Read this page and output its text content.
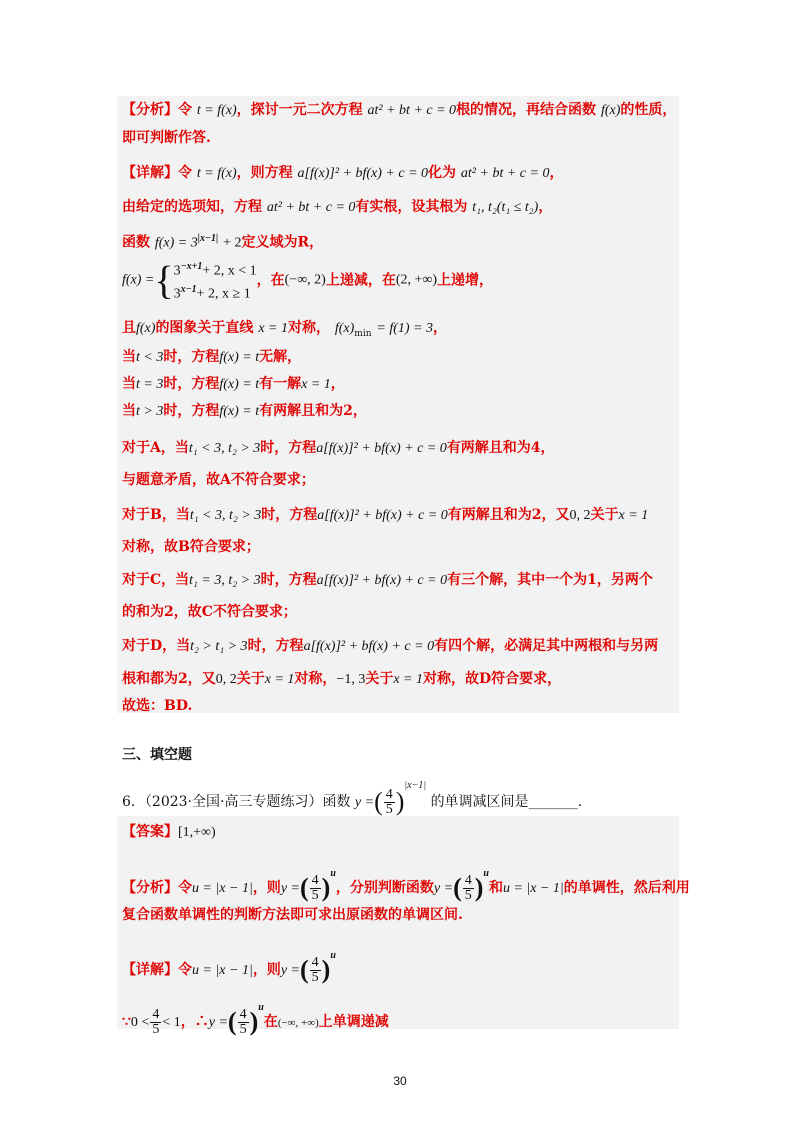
【分析】令 t = f(x)，探讨一元二次方程 at² + bt + c = 0根的情况，再结合函数 f(x)的性质，
即可判断作答.
【详解】令 t = f(x)，则方程 a[f(x)]² + bf(x) + c = 0化为 at² + bt + c = 0，
由给定的选项知，方程 at² + bt + c = 0有实根，设其根为 t₁, t₂(t₁ ≤ t₂)，
函数 $f(x) = 3^{|x-1|} + 2$定义域为R，
f(x) ={ $3^{-x+1}+ 2$, x < 1
$3^{x-1}+ 2$, x ≥ 1
，在(−∞, 2)上递减，在(2, +∞)上递增，
且f(x)的图象关于直线 x = 1对称， $f(x)_{min} = f(1) = 3$，
当t < 3时，方程f(x) = t无解，
当t = 3时，方程f(x) = t有一解x = 1，
当t > 3时，方程f(x) = t有两解且和为2，
对于A，当t₁ < 3, t₂ > 3时，方程a[f(x)]² + bf(x) + c = 0有两解且和为4，
与题意矛盾，故A不符合要求；
对于B，当t₁ < 3, t₂ > 3时，方程a[f(x)]² + bf(x) + c = 0有两解且和为2，又0, 2关于x = 1
对称，故B符合要求；
对于C，当t₁ = 3, t₂ > 3时，方程a[f(x)]² + bf(x) + c = 0有三个解，其中一个为1，另两个
的和为2，故C不符合要求；
对于D，当t₂ > t₁ > 3时，方程a[f(x)]² + bf(x) + c = 0有四个解，必满足其中两根和与另两
根和都为2，又0, 2关于x = 1对称，−1, 3关于x = 1对称，故D符合要求，
故选：BD.
三、填空题
6．（2023·全国·高三专题练习）函数 y =( $\frac{4}{5} )^{|x-1|}$ 的单调减区间是_______.
【答案】[1,+∞)
【分析】令u = |x − 1|，则y =( $\frac{4}{5} )^u$，分别判断函数y =( $\frac{4}{5} )^u$和u = |x − 1|的单调性，然后利用
复合函数单调性的判断方法即可求出原函数的单调区间.
【详解】令u = |x − 1|，则y =( $\frac{4}{5} )^u$
∵0 < $\frac{4}{5} < 1$，∴y =( $\frac{4}{5} )^u$在(−∞, +∞)上单调递减
30
